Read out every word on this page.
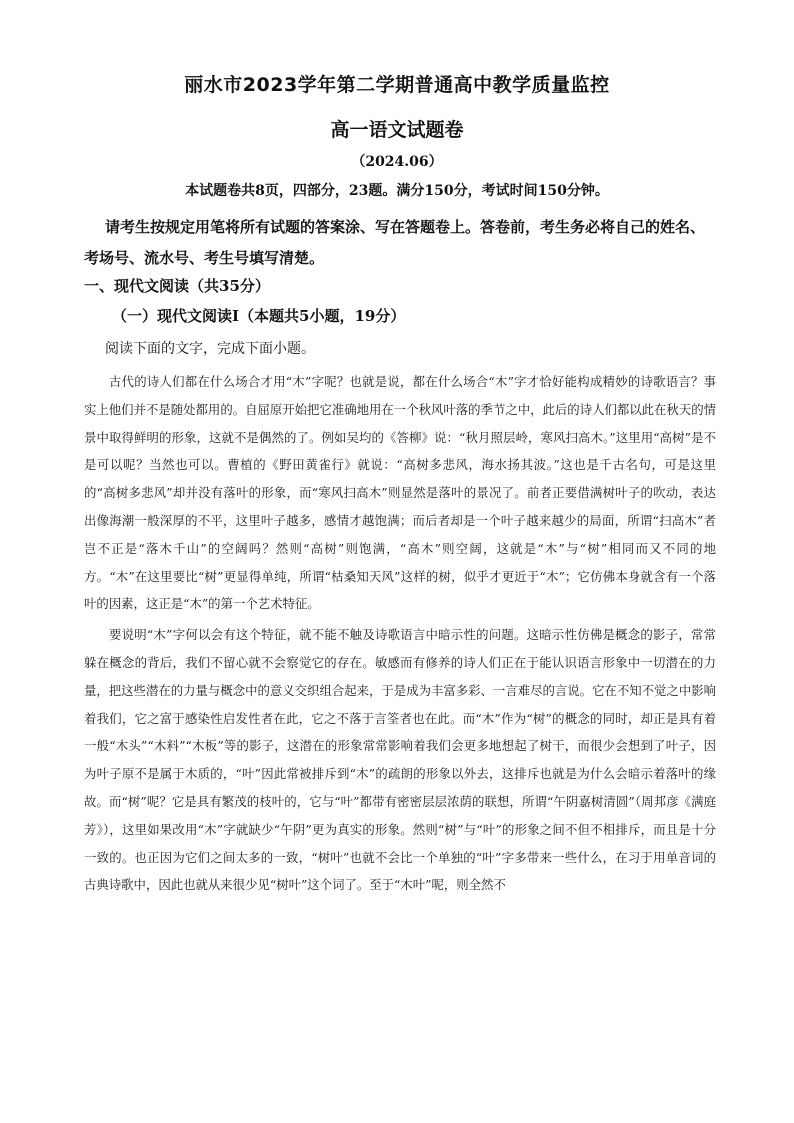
丽水市2023学年第二学期普通高中教学质量监控
高一语文试题卷
（2024.06）
本试题卷共8页，四部分，23题。满分150分，考试时间150分钟。
请考生按规定用笔将所有试题的答案涂、写在答题卷上。答卷前，考生务必将自己的姓名、考场号、流水号、考生号填写清楚。
一、现代文阅读（共35分）
（一）现代文阅读Ⅰ（本题共5小题，19分）
阅读下面的文字，完成下面小题。

古代的诗人们都在什么场合才用“木”字呢？也就是说，都在什么场合“木”字才恰好能构成精妙的诗歌语言？事实上他们并不是随处都用的。自屈原开始把它准确地用在一个秋风叶落的季节之中，此后的诗人们都以此在秋天的情景中取得鲜明的形象，这就不是偶然的了。例如吴均的《答柳》说：“秋月照层岭，寒风扫高木。”这里用“高树”是不是可以呢？当然也可以。曹植的《野田黄雀行》就说：“高树多悲风，海水扬其波。”这也是千古名句，可是这里的“高树多悲风”却并没有落叶的形象，而“寒风扫高木”则显然是落叶的景况了。前者正要借满树叶子的吹动，表达出像海潮一般深厚的不平，这里叶子越多，感情才越饱满；而后者却是一个叶子越来越少的局面，所谓“扫高木”者岂不正是“落木千山”的空阔吗？然则“高树”则饱满，“高木”则空阔，这就是“木”与“树”相同而又不同的地方。“木”在这里要比“树”更显得单纯，所谓“枯桑知天风”这样的树，似乎才更近于“木”；它仿佛本身就含有一个落叶的因素，这正是“木”的第一个艺术特征。

要说明“木”字何以会有这个特征，就不能不触及诗歌语言中暗示性的问题。这暗示性仿佛是概念的影子，常常躲在概念的背后，我们不留心就不会察觉它的存在。敏感而有修养的诗人们正在于能认识语言形象中一切潜在的力量，把这些潜在的力量与概念中的意义交织组合起来，于是成为丰富多彩、一言难尽的言说。它在不知不觉之中影响着我们，它之富于感染性启发性者在此，它之不落于言筌者也在此。而“木”作为“树”的概念的同时，却正是具有着一般“木头”“木料”“木板”等的影子，这潜在的形象常常影响着我们会更多地想起了树干，而很少会想到了叶子，因为叶子原不是属于木质的，“叶”因此常被排斥到“木”的疏朗的形象以外去，这排斥也就是为什么会暗示着落叶的缘故。而“树”呢？它是具有繁茂的枝叶的，它与“叶”都带有密密层层浓荫的联想，所谓“午阴嘉树清圆”（周邦彦《满庭芳》），这里如果改用“木”字就缺少“午阴”更为真实的形象。然则“树”与“叶”的形象之间不但不相排斥，而且是十分一致的。也正因为它们之间太多的一致，“树叶”也就不会比一个单独的“叶”字多带来一些什么，在习于用单音词的古典诗歌中，因此也就从来很少见“树叶”这个词了。至于“木叶”呢，则全然不
